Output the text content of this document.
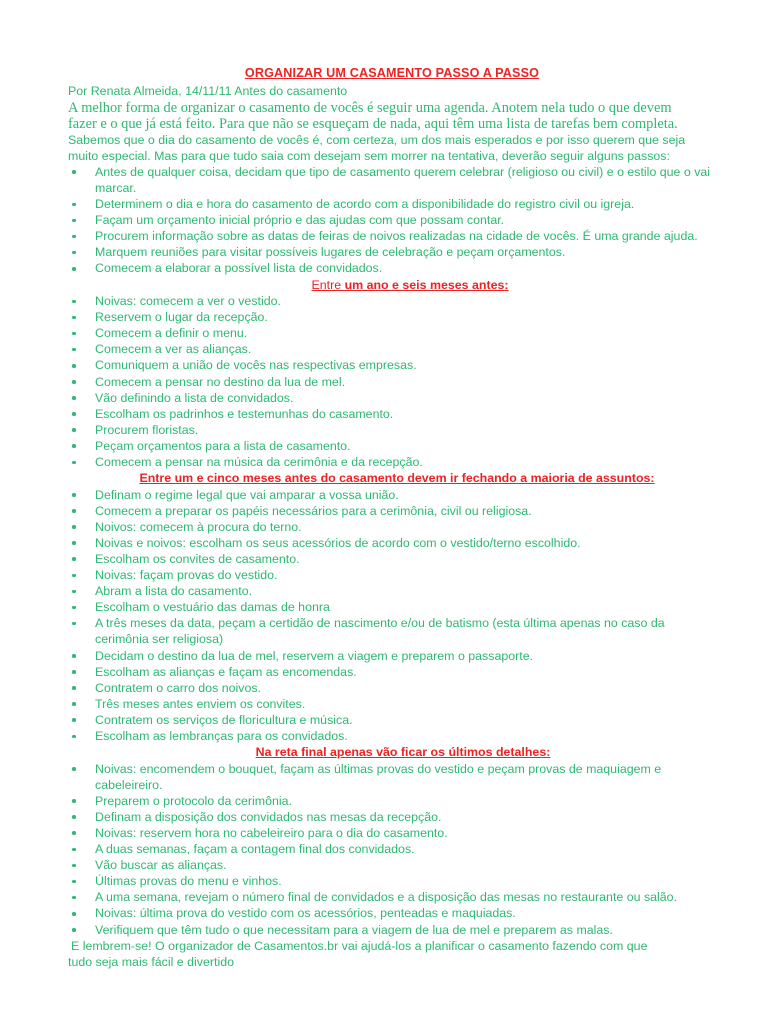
ORGANIZAR UM CASAMENTO PASSO A PASSO

Por Renata Almeida, 14/11/11 Antes do casamento

A melhor forma de organizar o casamento de vocês é seguir uma agenda. Anotem nela tudo o que devem

fazer e o que já está feito. Para que não se esqueçam de nada, aqui têm uma lista de tarefas bem completa.

Sabemos que o dia do casamento de vocês é, com certeza, um dos mais esperados e por isso querem que seja muito especial. Mas para que tudo saia com desejam sem morrer na tentativa, deverão seguir alguns passos:

Antes de qualquer coisa, decidam que tipo de casamento querem celebrar (religioso ou civil) e o estilo que o vai marcar.
Determinem o dia e hora do casamento de acordo com a disponibilidade do registro civil ou igreja.
Façam um orçamento inicial próprio e das ajudas com que possam contar.
Procurem informação sobre as datas de feiras de noivos realizadas na cidade de vocês. É uma grande ajuda.
Marquem reuniões para visitar possíveis lugares de celebração e peçam orçamentos.
Comecem a elaborar a possível lista de convidados.

Entre um ano e seis meses antes:

Noivas: comecem a ver o vestido.
Reservem o lugar da recepção.
Comecem a definir o menu.
Comecem a ver as alianças.
Comuniquem a união de vocês nas respectivas empresas.
Comecem a pensar no destino da lua de mel.
Vão definindo a lista de convidados.
Escolham os padrinhos e testemunhas do casamento.
Procurem floristas.
Peçam orçamentos para a lista de casamento.
Comecem a pensar na música da cerimônia e da recepção.

Entre um e cinco meses antes do casamento devem ir fechando a maioria de assuntos:

Definam o regime legal que vai amparar a vossa união.
Comecem a preparar os papéis necessários para a cerimônia, civil ou religiosa.
Noivos: comecem à procura do terno.
Noivas e noivos: escolham os seus acessórios de acordo com o vestido/terno escolhido.
Escolham os convites de casamento.
Noivas: façam provas do vestido.
Abram a lista do casamento.
Escolham o vestuário das damas de honra
A três meses da data, peçam a certidão de nascimento e/ou de batismo (esta última apenas no caso da cerimônia ser religiosa)
Decidam o destino da lua de mel, reservem a viagem e preparem o passaporte.
Escolham as alianças e façam as encomendas.
Contratem o carro dos noivos.
Três meses antes enviem os convites.
Contratem os serviços de floricultura e música.
Escolham as lembranças para os convidados.

Na reta final apenas vão ficar os últimos detalhes:

Noivas: encomendem o bouquet, façam as últimas provas do vestido e peçam provas de maquiagem e cabeleireiro.
Preparem o protocolo da cerimônia.
Definam a disposição dos convidados nas mesas da recepção.
Noivas: reservem hora no cabeleireiro para o dia do casamento.
A duas semanas, façam a contagem final dos convidados.
Vão buscar as alianças.
Últimas provas do menu e vinhos.
A uma semana, revejam o número final de convidados e a disposição das mesas no restaurante ou salão.
Noivas: última prova do vestido com os acessórios, penteadas e maquiadas.
Verifiquem que têm tudo o que necessitam para a viagem de lua de mel e preparem as malas.

E lembrem-se! O organizador de Casamentos.br vai ajudá-los a planificar o casamento fazendo com que

tudo seja mais fácil e divertido
